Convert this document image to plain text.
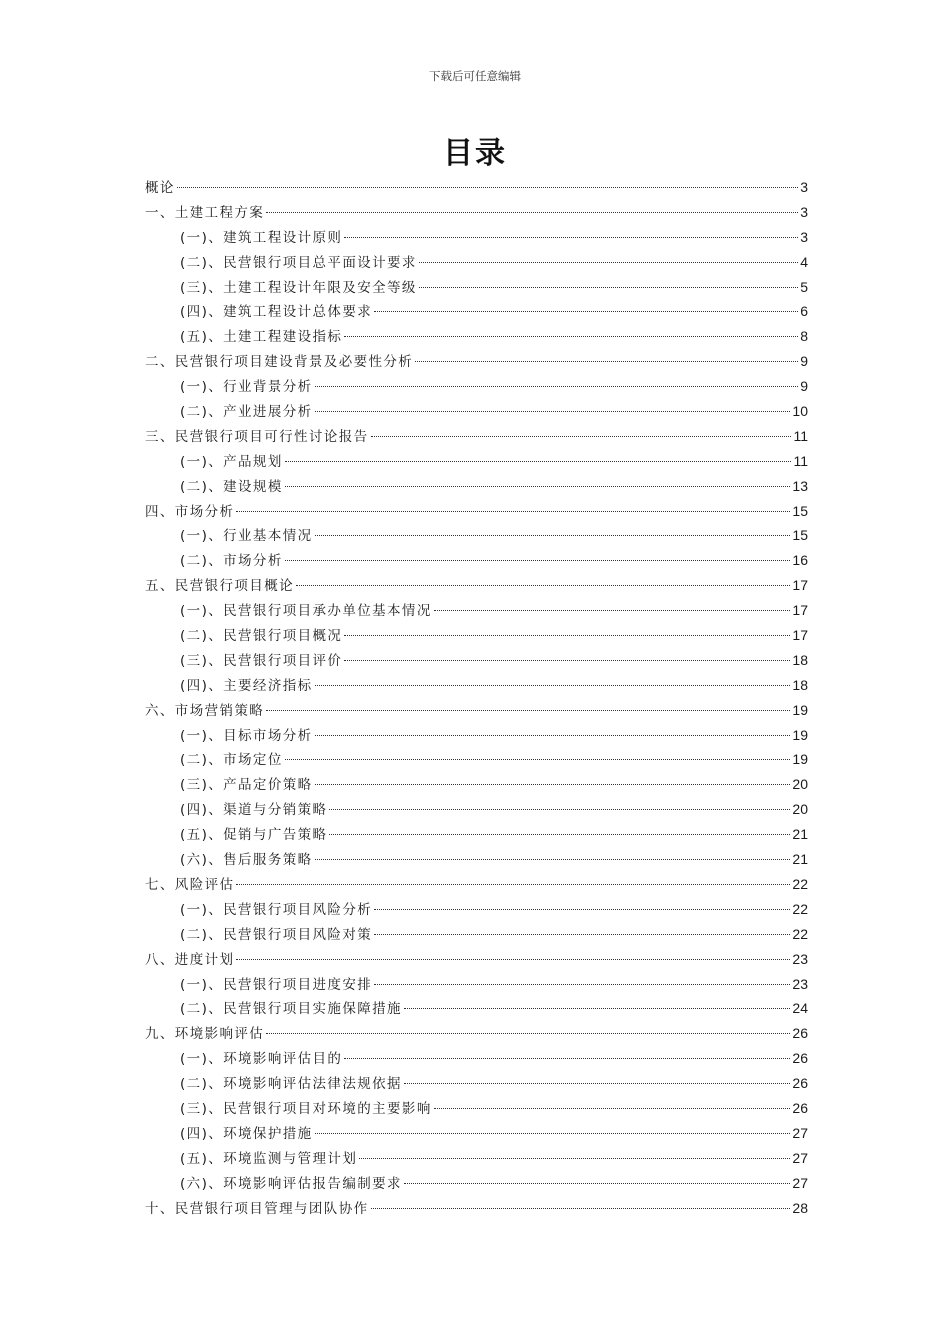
下载后可任意编辑
目录
概论	3
一、土建工程方案	3
(一)、建筑工程设计原则	3
(二)、民营银行项目总平面设计要求	4
(三)、土建工程设计年限及安全等级	5
(四)、建筑工程设计总体要求	6
(五)、土建工程建设指标	8
二、民营银行项目建设背景及必要性分析	9
(一)、行业背景分析	9
(二)、产业进展分析	10
三、民营银行项目可行性讨论报告	11
(一)、产品规划	11
(二)、建设规模	13
四、市场分析	15
(一)、行业基本情况	15
(二)、市场分析	16
五、民营银行项目概论	17
(一)、民营银行项目承办单位基本情况	17
(二)、民营银行项目概况	17
(三)、民营银行项目评价	18
(四)、主要经济指标	18
六、市场营销策略	19
(一)、目标市场分析	19
(二)、市场定位	19
(三)、产品定价策略	20
(四)、渠道与分销策略	20
(五)、促销与广告策略	21
(六)、售后服务策略	21
七、风险评估	22
(一)、民营银行项目风险分析	22
(二)、民营银行项目风险对策	22
八、进度计划	23
(一)、民营银行项目进度安排	23
(二)、民营银行项目实施保障措施	24
九、环境影响评估	26
(一)、环境影响评估目的	26
(二)、环境影响评估法律法规依据	26
(三)、民营银行项目对环境的主要影响	26
(四)、环境保护措施	27
(五)、环境监测与管理计划	27
(六)、环境影响评估报告编制要求	27
十、民营银行项目管理与团队协作	28
